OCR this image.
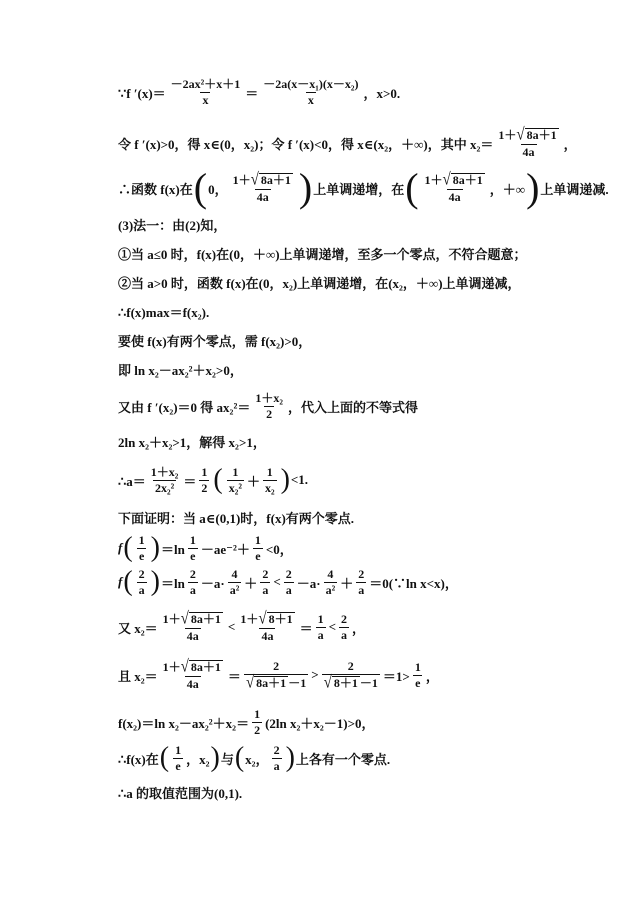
∵f $'(x)= \frac{\text{－2ax²＋x＋1}}{x} = \frac{\text{－2a(x－x₁)(x－x₂)}}{x}$ ，x>0.
令 f ′(x)>0，得 x∈(0，x₂)；令 f ′(x)<0，得 x∈(x₂，＋∞)，其中 $x_2= \frac{1+ √ 8a+1}{4a}$ ，
∴函数 f(x)在 ( 0， $\frac{1+ √ 8a+1}{4a}$ ) 上单调递增，在 ( $\frac{1+ √ 8a+1}{4a}$ ，＋∞ ) 上单调递减.
(3)法一：由(2)知，
①当 a≤0 时，f(x)在(0，＋∞)上单调递增，至多一个零点，不符合题意；
②当 a>0 时，函数 f(x)在(0，x₂)上单调递增，在(x₂，＋∞)上单调递减，
∴f(x)max＝f(x₂).
要使 f(x)有两个零点，需 f(x₂)>0，
即 ln x₂－ax₂²＋x₂>0，
又由 f ′(x₂)＝0 得 $ax_2^2= \frac{\text{1＋x₂}}{2}$ ，代入上面的不等式得
2ln x₂＋x₂>1，解得 x₂>1，
∴a＝ $\frac{\text{1＋x₂}}{\text{2x₂²}} = \frac{1}{2}$ ( $\frac{1}{\text{x₂²}} + \frac{1}{\text{x₂}}$ ) <1.
下面证明：当 a∈(0,1)时，f(x)有两个零点.
f ( $\frac{1}{e}$ ) $=\ln \frac{1}{e} -ae^{-2}+ \frac{1}{e} <0$，
f ( $\frac{2}{a}$ ) $=\ln \frac{2}{a} -a\cdot \frac{4}{\text{a²}} + \frac{2}{a} < \frac{2}{a} -a\cdot \frac{4}{\text{a²}} + \frac{2}{a}$ ＝0(∵ln x<x)，
又 $x_2= \frac{1+ √ 8a+1}{4a} < \frac{1+ √ 8+1}{4a} = \frac{1}{a} < \frac{2}{a}$ ，
且 $x_2= \frac{1+ √ 8a+1}{4a} = \frac{2}{√ 8a+1 -1} > \frac{2}{√ 8+1 -1} =1> \frac{1}{e}$ ，
f(x₂)＝ln $x_2-ax_2^2+x_2= \frac{1}{2} (2\ln$ x₂＋x₂－1)>0，
∴f(x)在 ( $\frac{1}{e}$ ，x₂ ) 与 ( x₂， $\frac{2}{a}$ ) 上各有一个零点.
∴a 的取值范围为(0,1).
